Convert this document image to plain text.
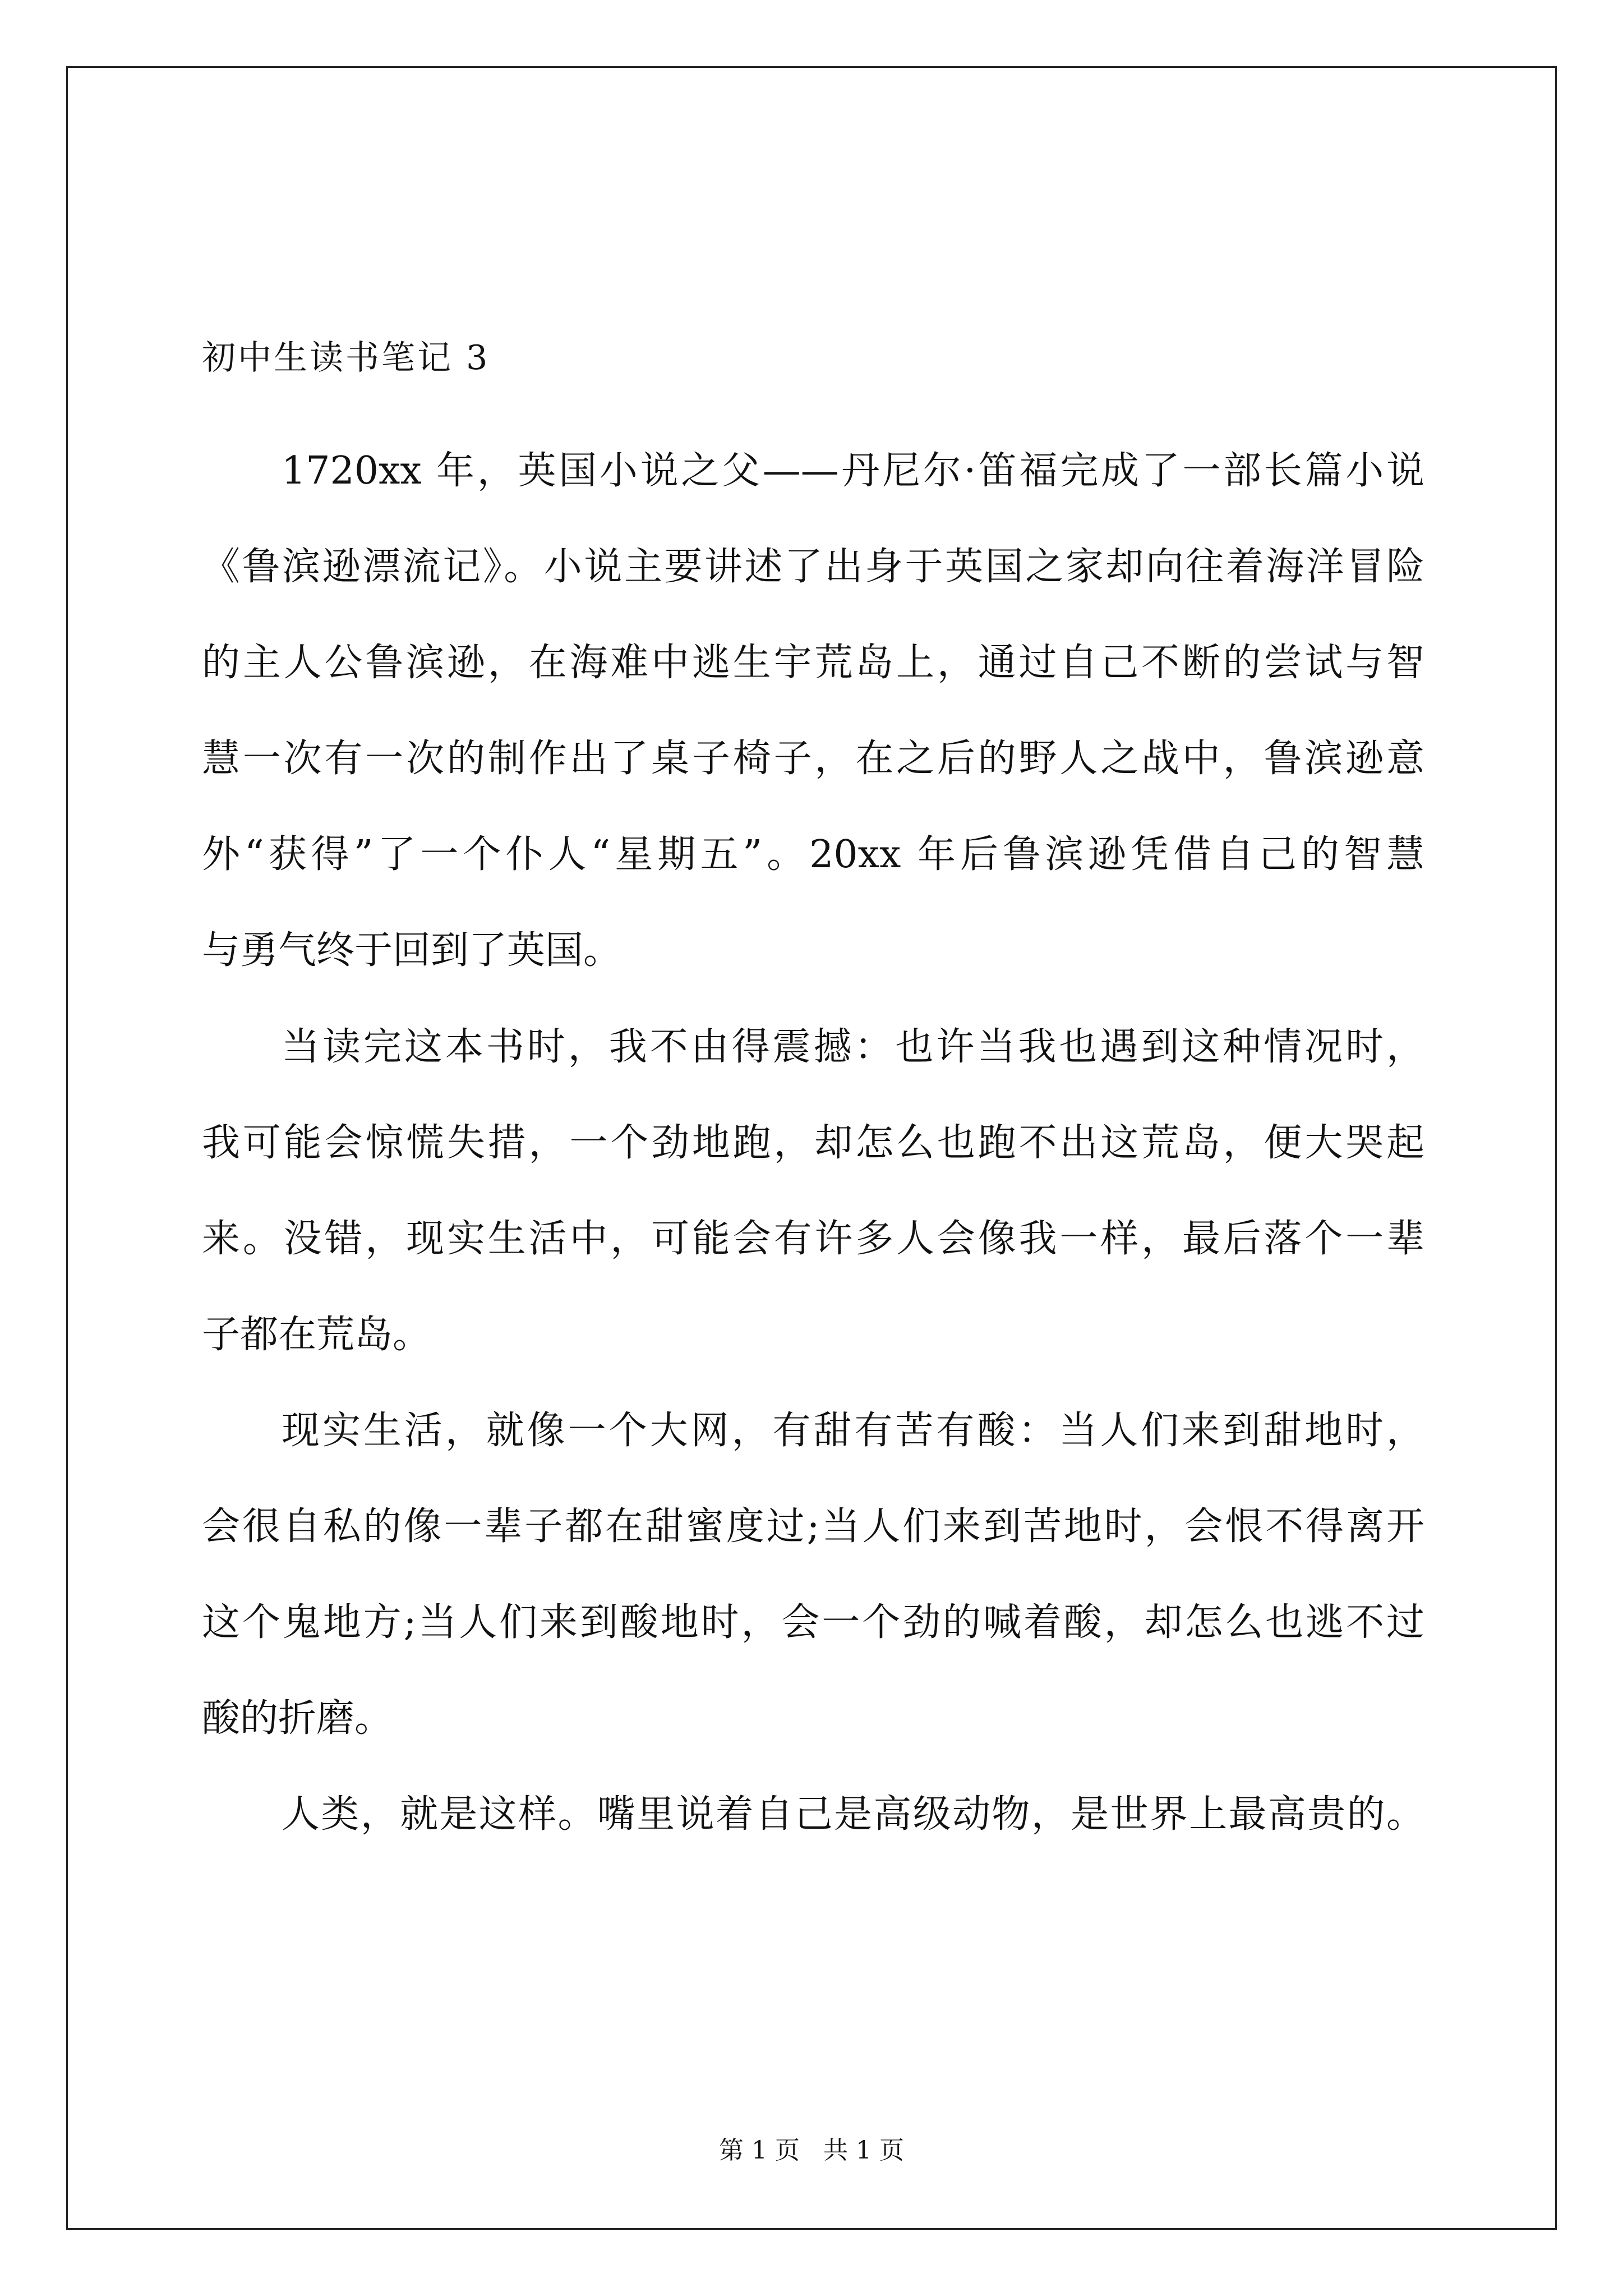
初中生读书笔记 3
1720xx 年，英国小说之父——丹尼尔·笛福完成了一部长篇小说
《鲁滨逊漂流记》。小说主要讲述了出身于英国之家却向往着海洋冒险
的主人公鲁滨逊，在海难中逃生宇荒岛上，通过自己不断的尝试与智
慧一次有一次的制作出了桌子椅子，在之后的野人之战中，鲁滨逊意
外“获得”了一个仆人“星期五”。20xx 年后鲁滨逊凭借自己的智慧
与勇气终于回到了英国。
当读完这本书时，我不由得震撼：也许当我也遇到这种情况时，
我可能会惊慌失措，一个劲地跑，却怎么也跑不出这荒岛，便大哭起
来。没错，现实生活中，可能会有许多人会像我一样，最后落个一辈
子都在荒岛。
现实生活，就像一个大网，有甜有苦有酸：当人们来到甜地时，
会很自私的像一辈子都在甜蜜度过;当人们来到苦地时，会恨不得离开
这个鬼地方;当人们来到酸地时，会一个劲的喊着酸，却怎么也逃不过
酸的折磨。
人类，就是这样。嘴里说着自己是高级动物，是世界上最高贵的。
第 1 页   共 1 页
